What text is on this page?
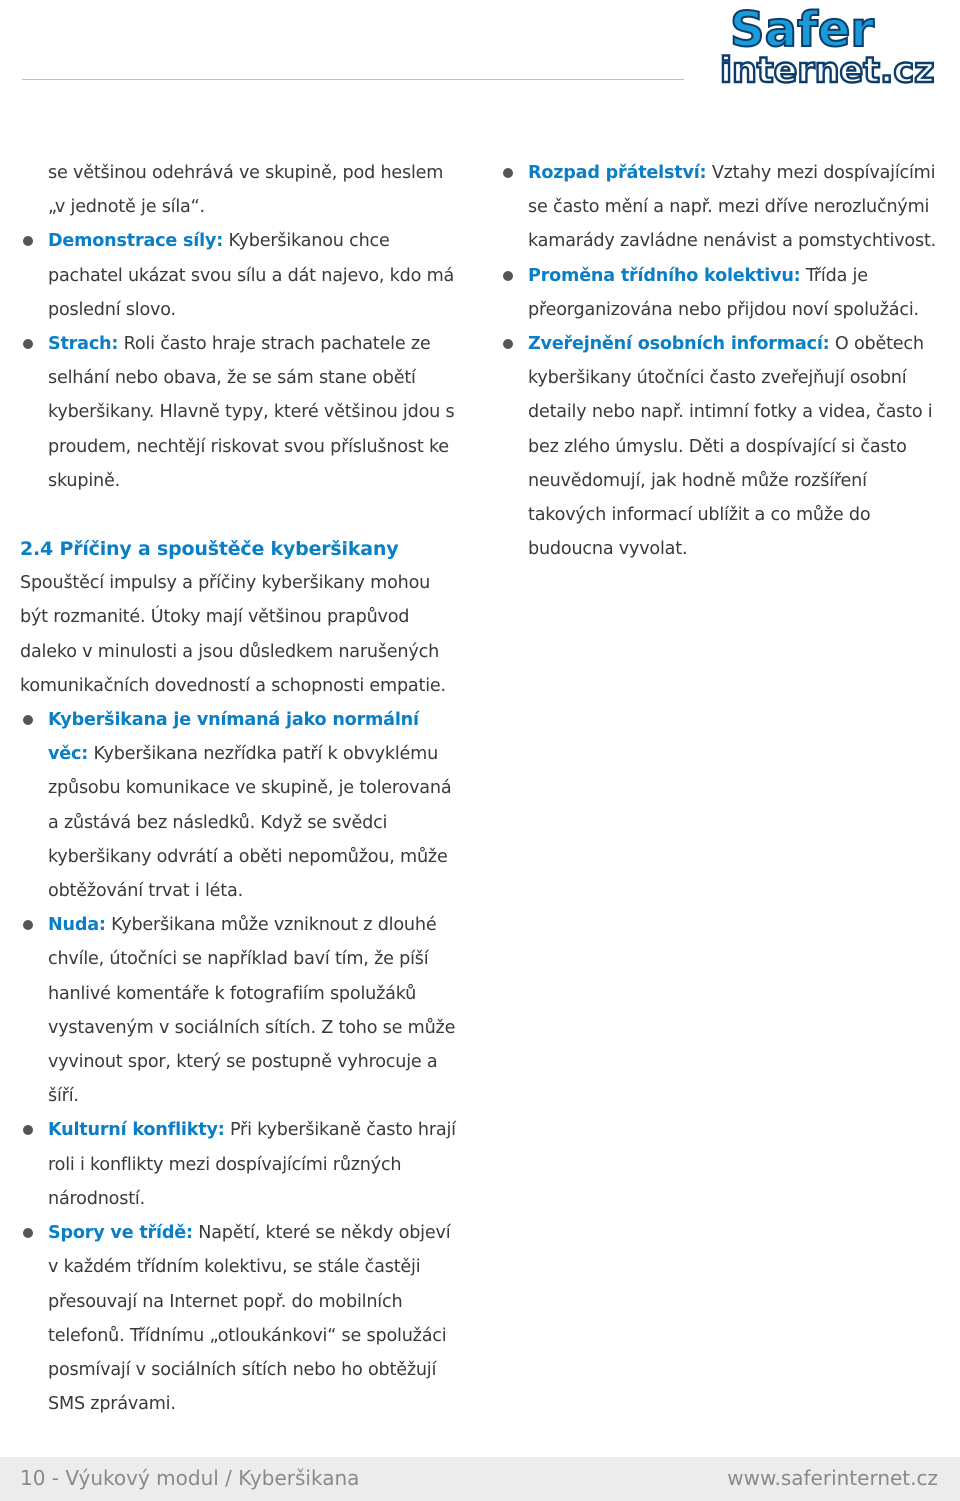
Safer
internet.cz
se většinou odehrává ve skupině, pod heslem
„v jednotě je síla“.
Demonstrace síly: Kyberšikanou chce pachatel ukázat svou sílu a dát najevo, kdo má poslední slovo.
Strach: Roli často hraje strach pachatele ze selhání nebo obava, že se sám stane obětí kyberšikany. Hlavně typy, které většinou jdou s proudem, nechtějí riskovat svou příslušnost ke skupině.
2.4 Příčiny a spouštěče kyberšikany

Spouštěcí impulsy a příčiny kyberšikany mohou být rozmanité. Útoky mají většinou prapůvod daleko v minulosti a jsou důsledkem narušených komunikačních dovedností a schopnosti empatie.

Kyberšikana je vnímaná jako normální věc: Kyberšikana nezřídka patří k obvyklému způsobu komunikace ve skupině, je tolerovaná a zůstává bez následků. Když se svědci kyberšikany odvrátí a oběti nepomůžou, může obtěžování trvat i léta.
Nuda: Kyberšikana může vzniknout z dlouhé chvíle, útočníci se například baví tím, že píší hanlivé komentáře k fotografiím spolužáků vystaveným v sociálních sítích. Z toho se může vyvinout spor, který se postupně vyhrocuje a šíří.
Kulturní konflikty: Při kyberšikaně často hrají roli i konflikty mezi dospívajícími různých národností.
Spory ve třídě: Napětí, které se někdy objeví v každém třídním kolektivu, se stále častěji přesouvají na Internet popř. do mobilních telefonů. Třídnímu „otloukánkovi“ se spolužáci posmívají v sociálních sítích nebo ho obtěžují SMS zprávami.
Rozpad přátelství: Vztahy mezi dospívajícími se často mění a např. mezi dříve nerozlučnými kamarády zavládne nenávist a pomstychtivost.
Proměna třídního kolektivu: Třída je přeorganizována nebo přijdou noví spolužáci.
Zveřejnění osobních informací: O obětech kyberšikany útočníci často zveřejňují osobní detaily nebo např. intimní fotky a videa, často i bez zlého úmyslu. Děti a dospívající si často neuvědomují, jak hodně může rozšíření takových informací ublížit a co může do budoucna vyvolat.
10 - Výukový modul / Kyberšikana	www.saferinternet.cz
